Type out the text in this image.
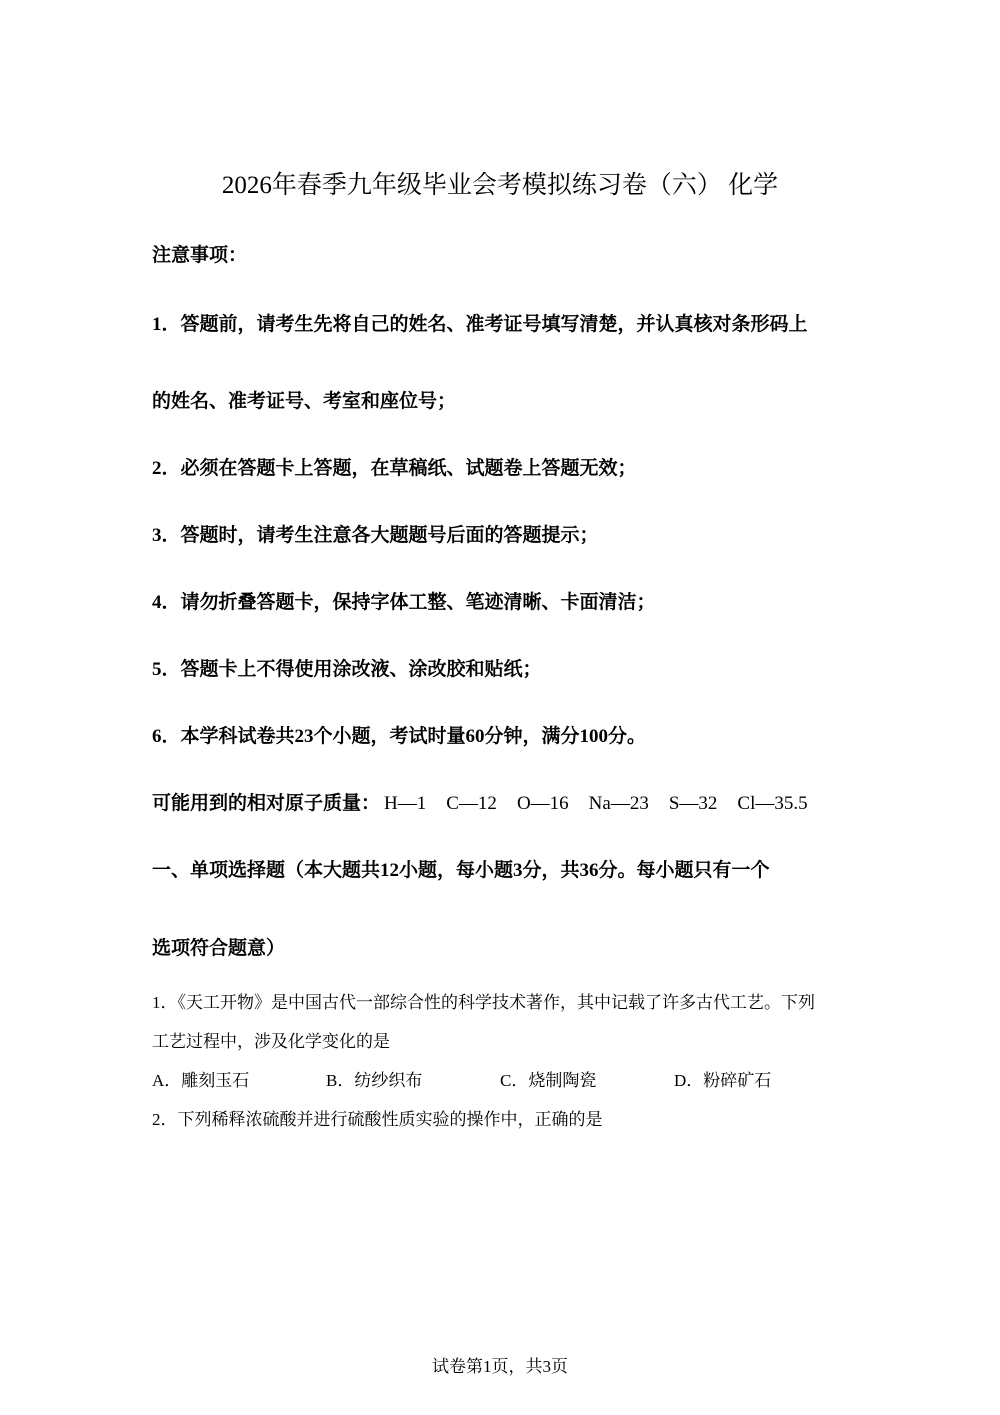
2026年春季九年级毕业会考模拟练习卷（六） 化学
注意事项：
1．答题前，请考生先将自己的姓名、准考证号填写清楚，并认真核对条形码上
的姓名、准考证号、考室和座位号；
2．必须在答题卡上答题，在草稿纸、试题卷上答题无效；
3．答题时，请考生注意各大题题号后面的答题提示；
4．请勿折叠答题卡，保持字体工整、笔迹清晰、卡面清洁；
5．答题卡上不得使用涂改液、涂改胶和贴纸；
6．本学科试卷共23个小题，考试时量60分钟，满分100分。
可能用到的相对原子质量： H—1 C—12 O—16 Na—23 S—32 Cl—35.5
一、单项选择题（本大题共12小题，每小题3分，共36分。每小题只有一个
选项符合题意）
1．《天工开物》是中国古代一部综合性的科学技术著作，其中记载了许多古代工艺。下列
工艺过程中，涉及化学变化的是
A．雕刻玉石	B．纺纱织布	C．烧制陶瓷	D．粉碎矿石
2．下列稀释浓硫酸并进行硫酸性质实验的操作中，正确的是
试卷第1页，共3页
